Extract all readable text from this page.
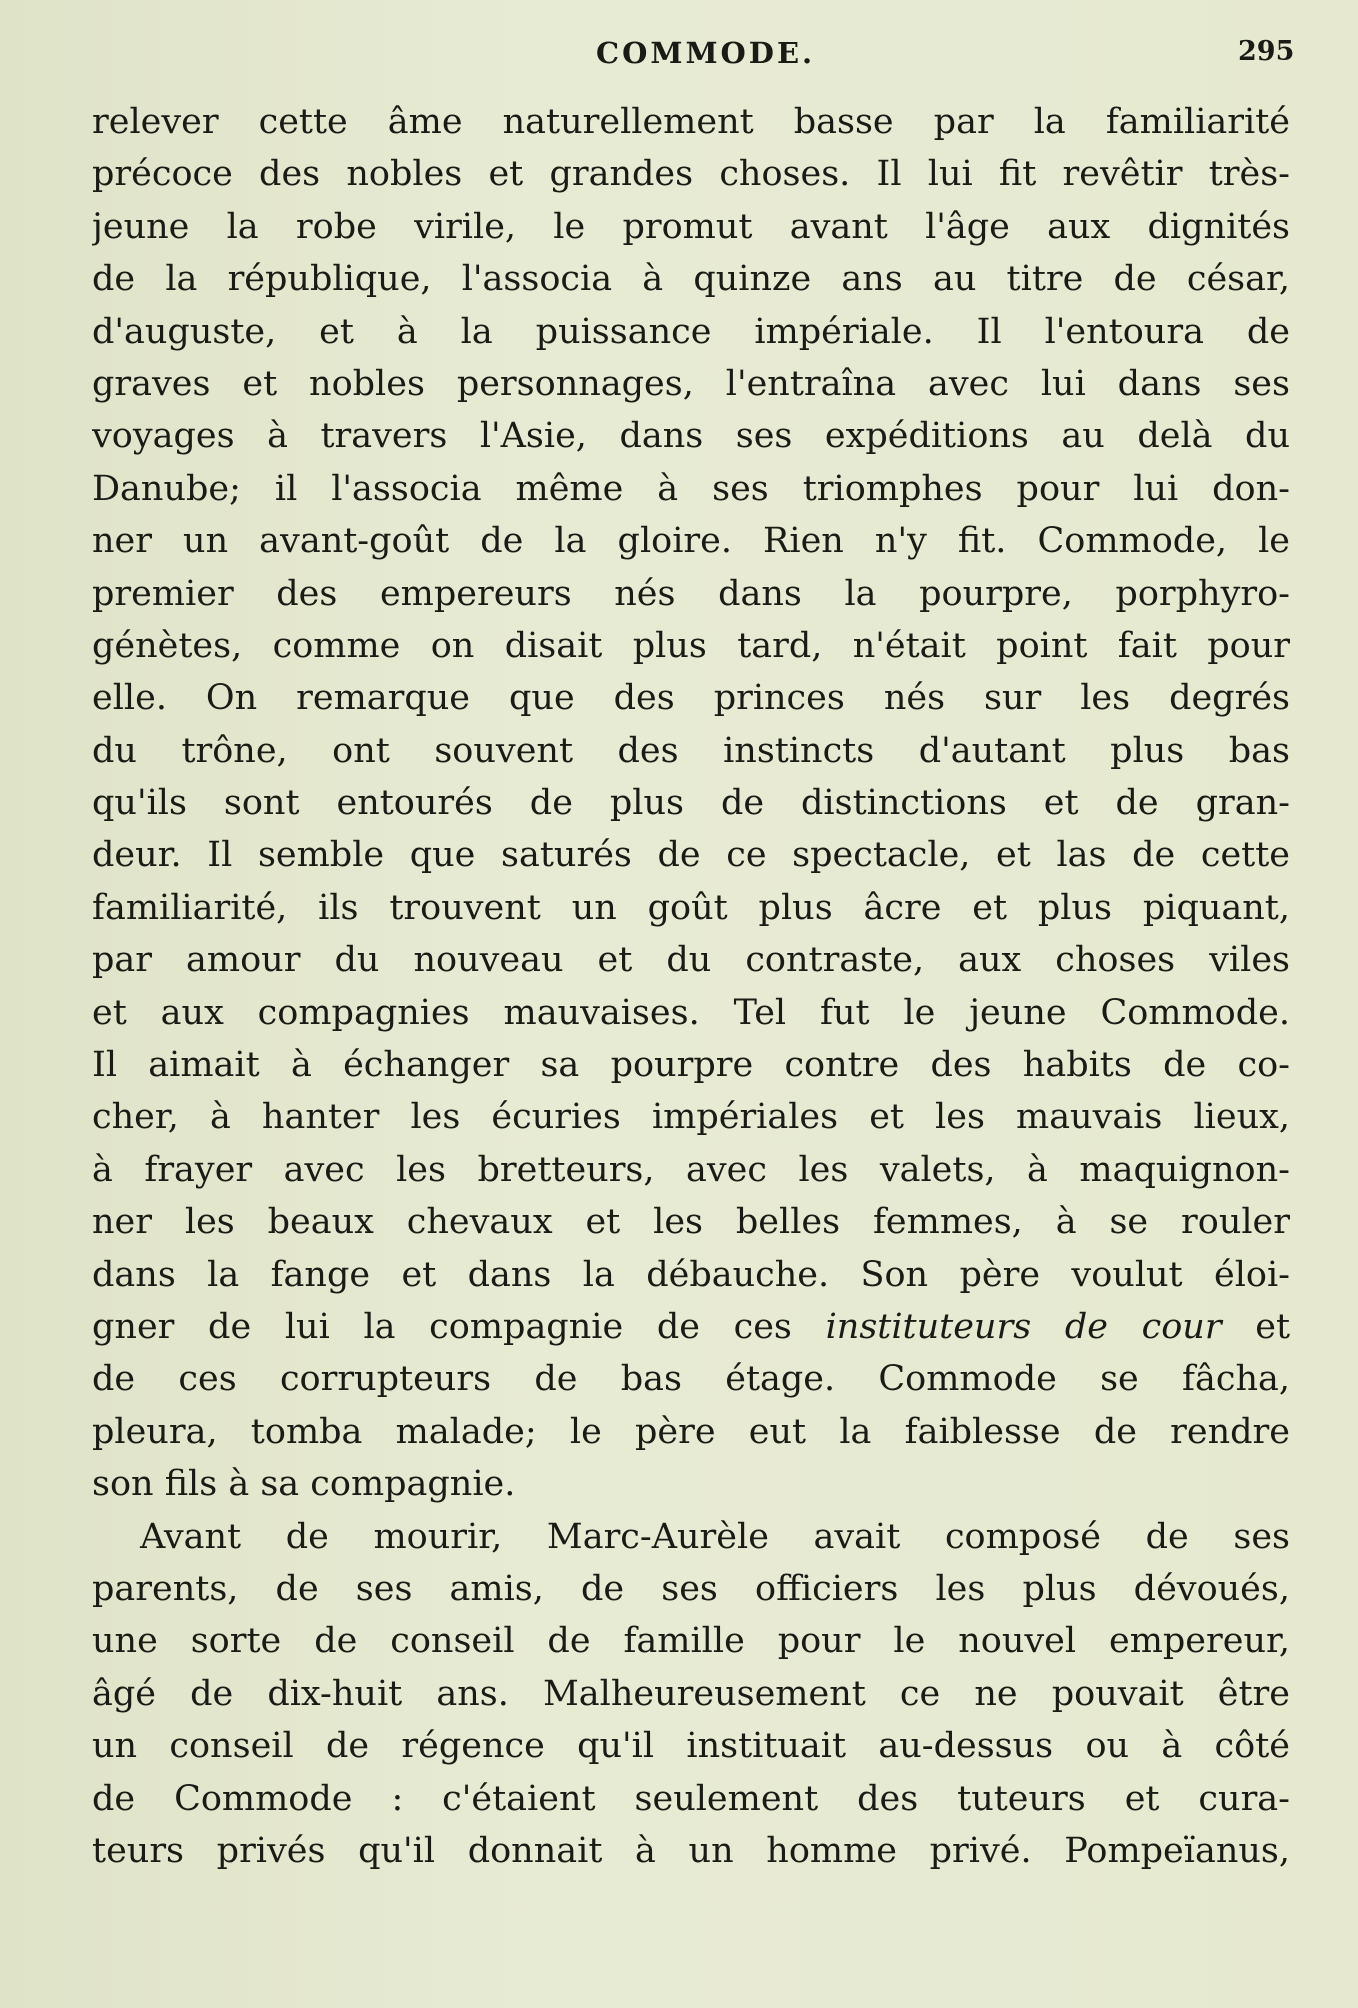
COMMODE.	295
relever cette âme naturellement basse par la familiarité
précoce des nobles et grandes choses. Il lui fit revêtir très-
jeune la robe virile, le promut avant l'âge aux dignités
de la république, l'associa à quinze ans au titre de césar,
d'auguste, et à la puissance impériale. Il l'entoura de
graves et nobles personnages, l'entraîna avec lui dans ses
voyages à travers l'Asie, dans ses expéditions au delà du
Danube; il l'associa même à ses triomphes pour lui don-
ner un avant-goût de la gloire. Rien n'y fit. Commode, le
premier des empereurs nés dans la pourpre, porphyro-
génètes, comme on disait plus tard, n'était point fait pour
elle. On remarque que des princes nés sur les degrés
du trône, ont souvent des instincts d'autant plus bas
qu'ils sont entourés de plus de distinctions et de gran-
deur. Il semble que saturés de ce spectacle, et las de cette
familiarité, ils trouvent un goût plus âcre et plus piquant,
par amour du nouveau et du contraste, aux choses viles
et aux compagnies mauvaises. Tel fut le jeune Commode.
Il aimait à échanger sa pourpre contre des habits de co-
cher, à hanter les écuries impériales et les mauvais lieux,
à frayer avec les bretteurs, avec les valets, à maquignon-
ner les beaux chevaux et les belles femmes, à se rouler
dans la fange et dans la débauche. Son père voulut éloi-
gner de lui la compagnie de ces instituteurs de cour et
de ces corrupteurs de bas étage. Commode se fâcha,
pleura, tomba malade; le père eut la faiblesse de rendre
son fils à sa compagnie.
Avant de mourir, Marc-Aurèle avait composé de ses
parents, de ses amis, de ses officiers les plus dévoués,
une sorte de conseil de famille pour le nouvel empereur,
âgé de dix-huit ans. Malheureusement ce ne pouvait être
un conseil de régence qu'il instituait au-dessus ou à côté
de Commode : c'étaient seulement des tuteurs et cura-
teurs privés qu'il donnait à un homme privé. Pompeïanus,
